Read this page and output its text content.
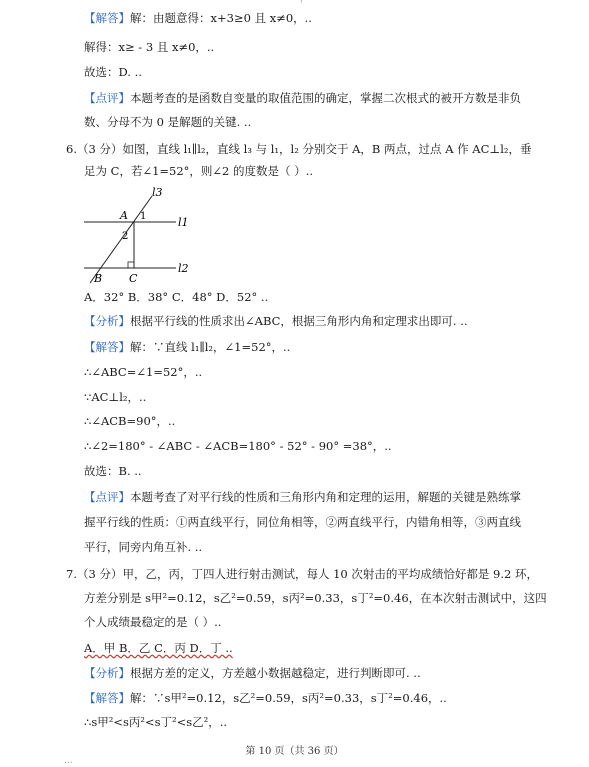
'
【解答】解：由题意得：x+3≥0 且 x≠0，..
解得：x≥ - 3 且 x≠0，..
故选：D. ..
【点评】本题考查的是函数自变量的取值范围的确定，掌握二次根式的被开方数是非负
数、分母不为 0 是解题的关键. ..
6.（3 分）如图，直线 l₁∥l₂，直线 l₃ 与 l₁，l₂ 分别交于 A，B 两点，过点 A 作 AC⊥l₂，垂
足为 C，若∠1=52°，则∠2 的度数是（ ）..
l3
l1
l2
A 1
2
B C
A．32° B．38° C．48° D．52° ..
【分析】根据平行线的性质求出∠ABC，根据三角形内角和定理求出即可. ..
【解答】解：∵直线 l₁∥l₂，∠1=52°，..
∴∠ABC=∠1=52°，..
∵AC⊥l₂，..
∴∠ACB=90°，..
∴∠2=180° - ∠ABC - ∠ACB=180° - 52° - 90° =38°，..
故选：B. ..
【点评】本题考查了对平行线的性质和三角形内角和定理的运用，解题的关键是熟练掌
握平行线的性质：①两直线平行，同位角相等，②两直线平行，内错角相等，③两直线
平行，同旁内角互补. ..
7.（3 分）甲，乙，丙，丁四人进行射击测试，每人 10 次射击的平均成绩恰好都是 9.2 环，
方差分别是 s甲²=0.12，s乙²=0.59，s丙²=0.33，s丁²=0.46，在本次射击测试中，这四
个人成绩最稳定的是（ ）..
A．甲 B．乙 C．丙 D．丁 ..
【分析】根据方差的定义，方差越小数据越稳定，进行判断即可. ..
【解答】解：∵s甲²=0.12，s乙²=0.59，s丙²=0.33，s丁²=0.46，..
∴s甲²<s丙²<s丁²<s乙²，..
第 10 页（共 36 页）
...
